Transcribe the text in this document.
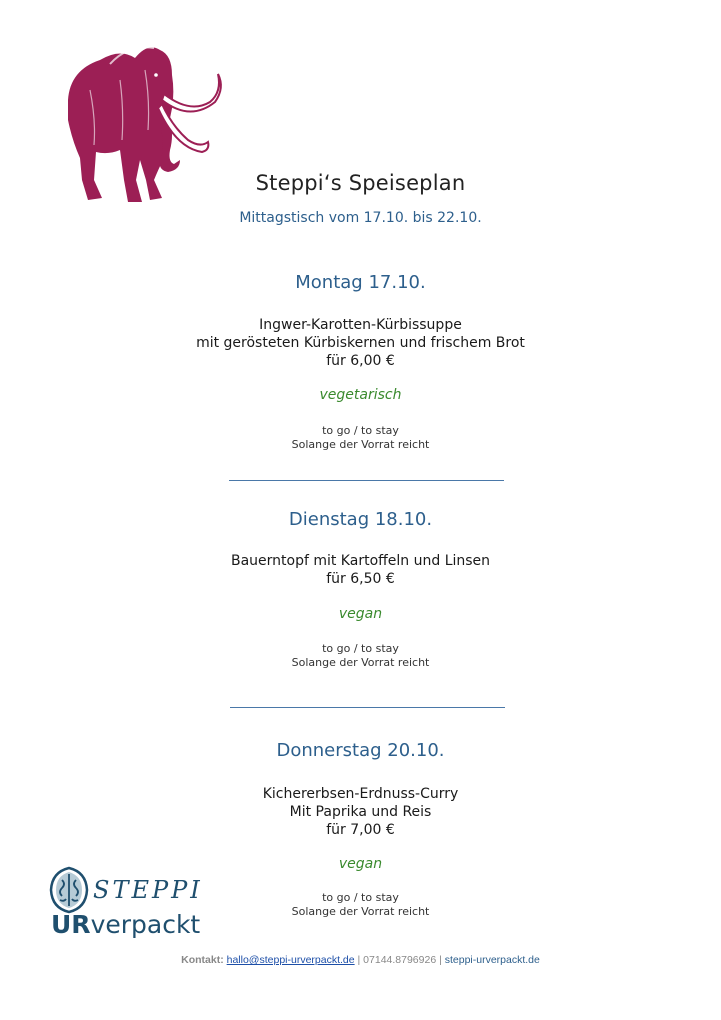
Steppi‘s Speiseplan
Mittagstisch vom 17.10. bis 22.10.
Montag 17.10.
Ingwer-Karotten-Kürbissuppe
mit gerösteten Kürbiskernen und frischem Brot
für 6,00 €
vegetarisch
to go / to stay
Solange der Vorrat reicht
Dienstag 18.10.
Bauerntopf mit Kartoffeln und Linsen
für 6,50 €
vegan
to go / to stay
Solange der Vorrat reicht
Donnerstag 20.10.
Kichererbsen-Erdnuss-Curry
Mit Paprika und Reis
für 7,00 €
vegan
to go / to stay
Solange der Vorrat reicht
STEPPI
URverpackt
Kontakt: hallo@steppi-urverpackt.de | 07144.8796926 | steppi-urverpackt.de
